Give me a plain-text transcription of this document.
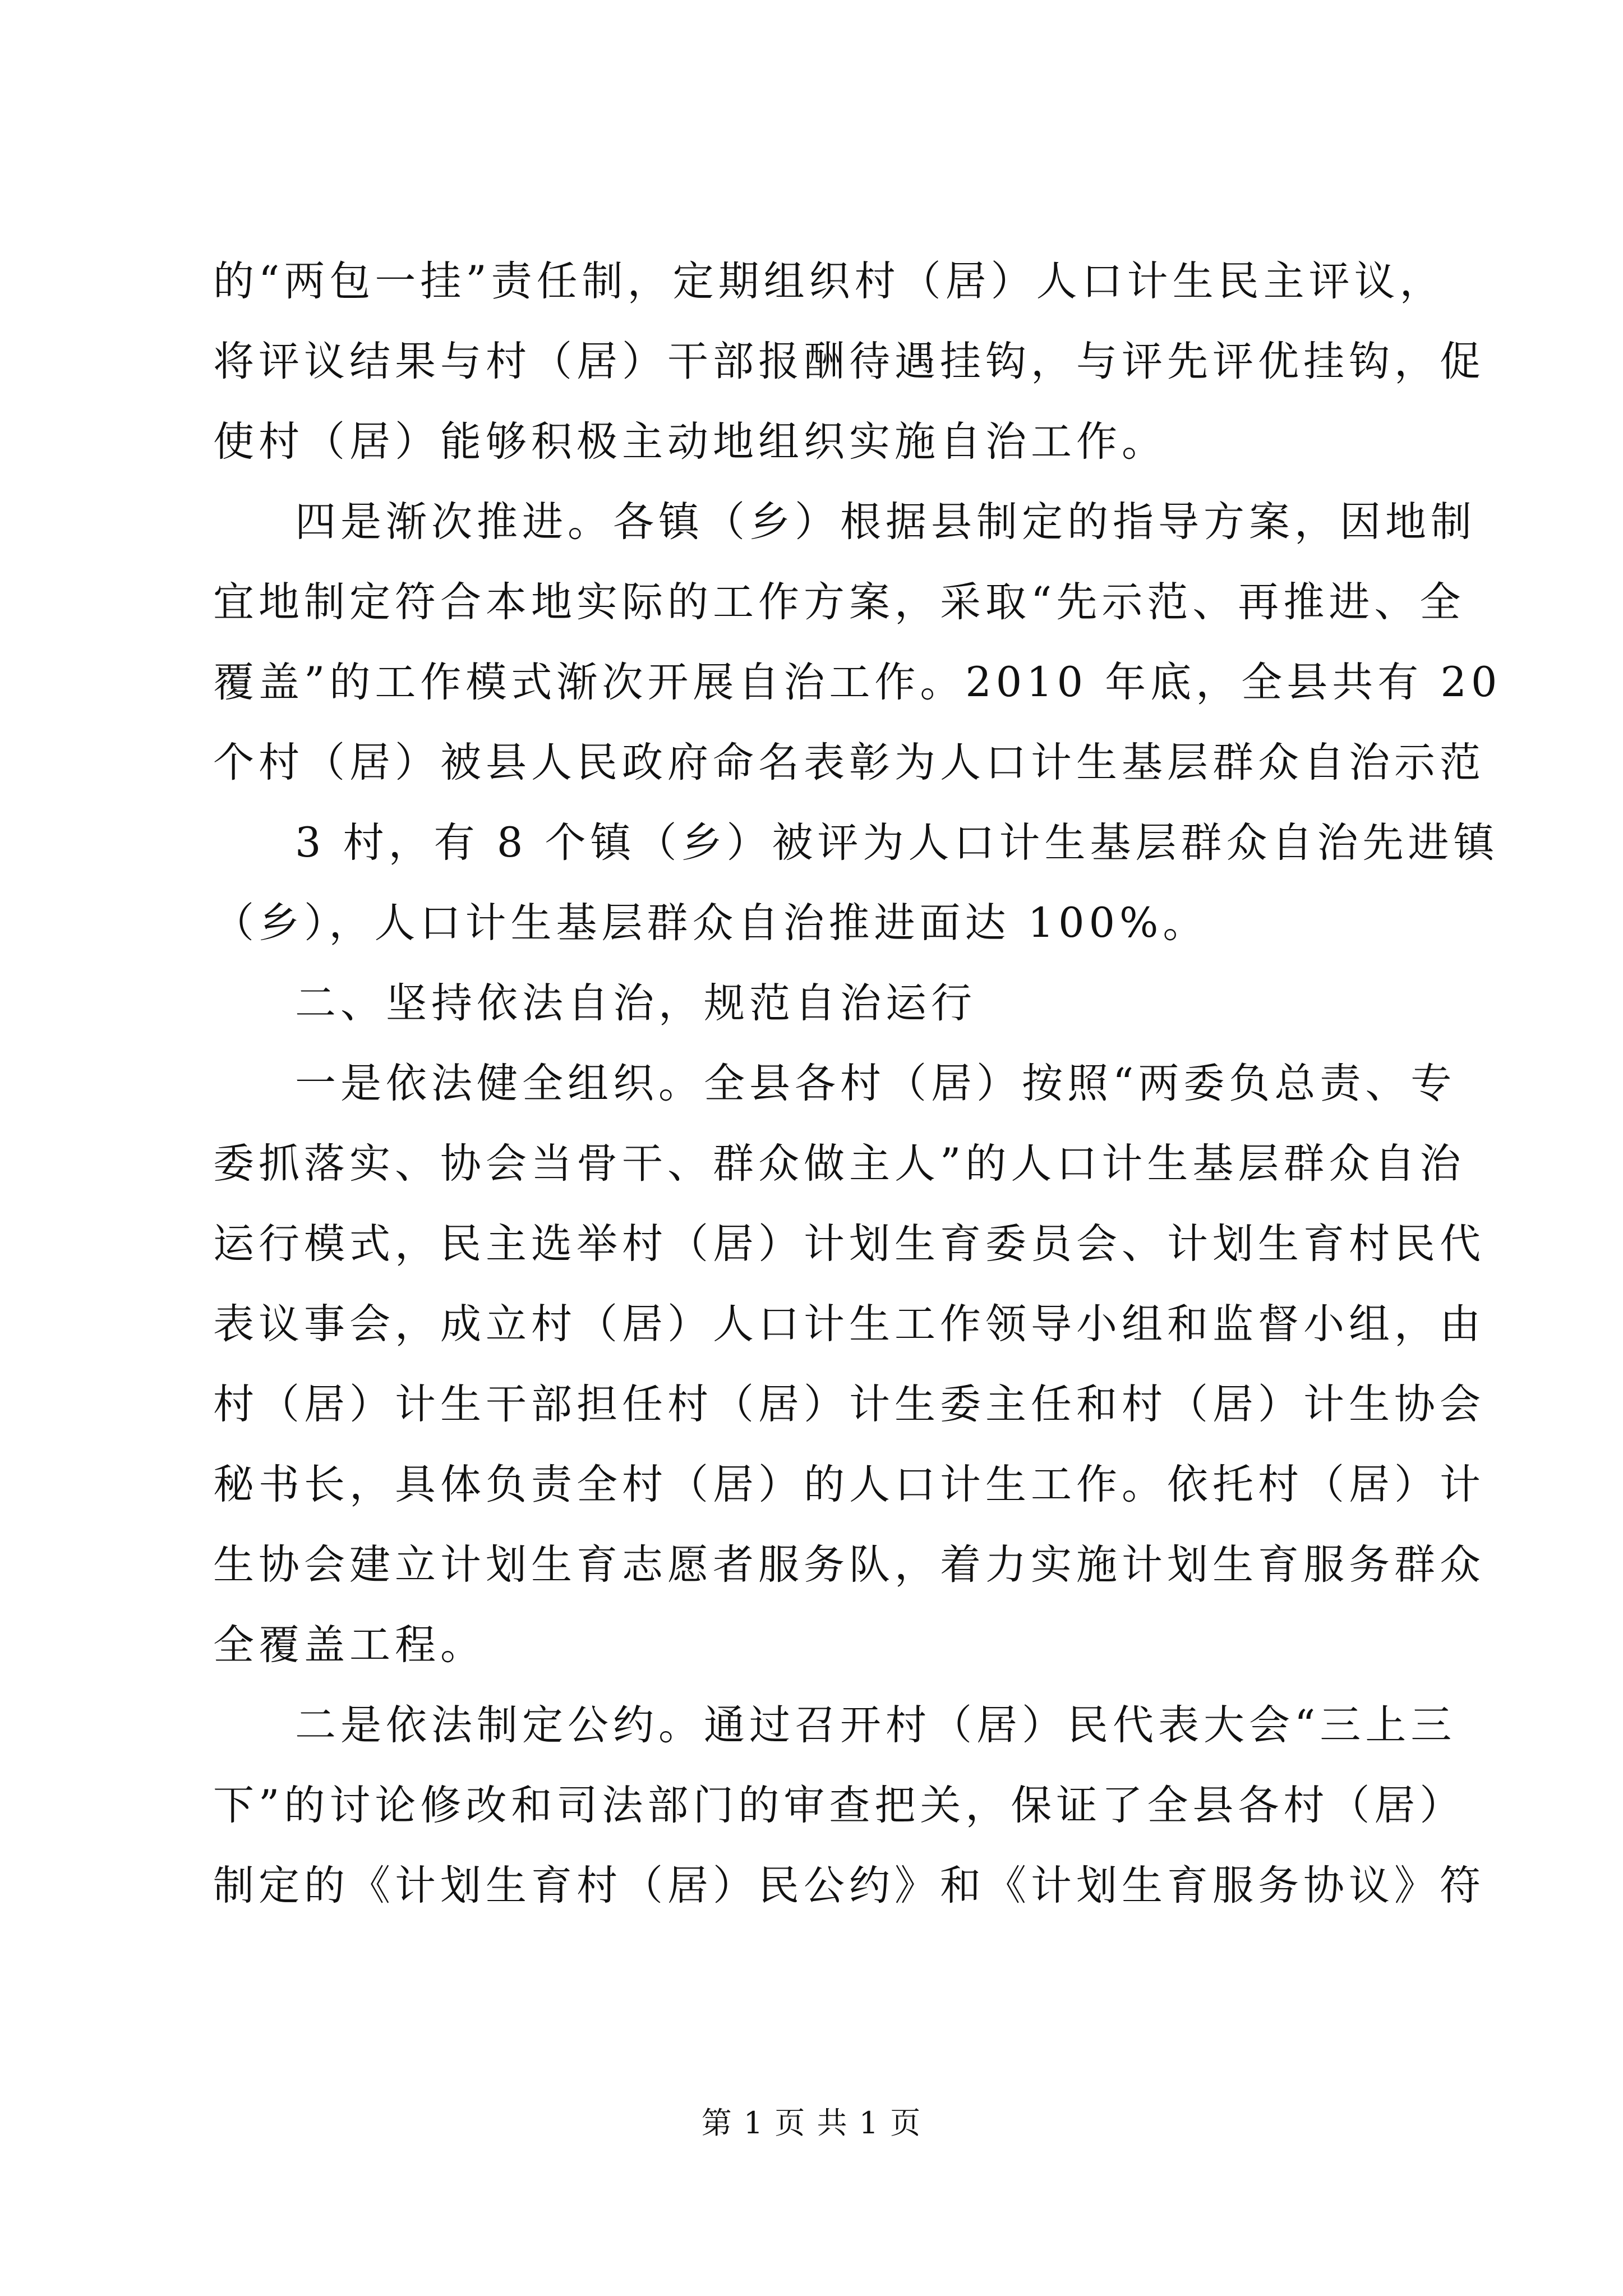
的“两包一挂”责任制，定期组织村（居）人口计生民主评议，
将评议结果与村（居）干部报酬待遇挂钩，与评先评优挂钩，促
使村（居）能够积极主动地组织实施自治工作。
四是渐次推进。各镇（乡）根据县制定的指导方案，因地制
宜地制定符合本地实际的工作方案，采取“先示范、再推进、全
覆盖”的工作模式渐次开展自治工作。2010 年底，全县共有 20
个村（居）被县人民政府命名表彰为人口计生基层群众自治示范
3 村，有 8 个镇（乡）被评为人口计生基层群众自治先进镇
（乡），人口计生基层群众自治推进面达 100%。
二、坚持依法自治，规范自治运行
一是依法健全组织。全县各村（居）按照“两委负总责、专
委抓落实、协会当骨干、群众做主人”的人口计生基层群众自治
运行模式，民主选举村（居）计划生育委员会、计划生育村民代
表议事会，成立村（居）人口计生工作领导小组和监督小组，由
村（居）计生干部担任村（居）计生委主任和村（居）计生协会
秘书长，具体负责全村（居）的人口计生工作。依托村（居）计
生协会建立计划生育志愿者服务队，着力实施计划生育服务群众
全覆盖工程。
二是依法制定公约。通过召开村（居）民代表大会“三上三
下”的讨论修改和司法部门的审查把关，保证了全县各村（居）
制定的《计划生育村（居）民公约》和《计划生育服务协议》符
第 1 页 共 1 页
